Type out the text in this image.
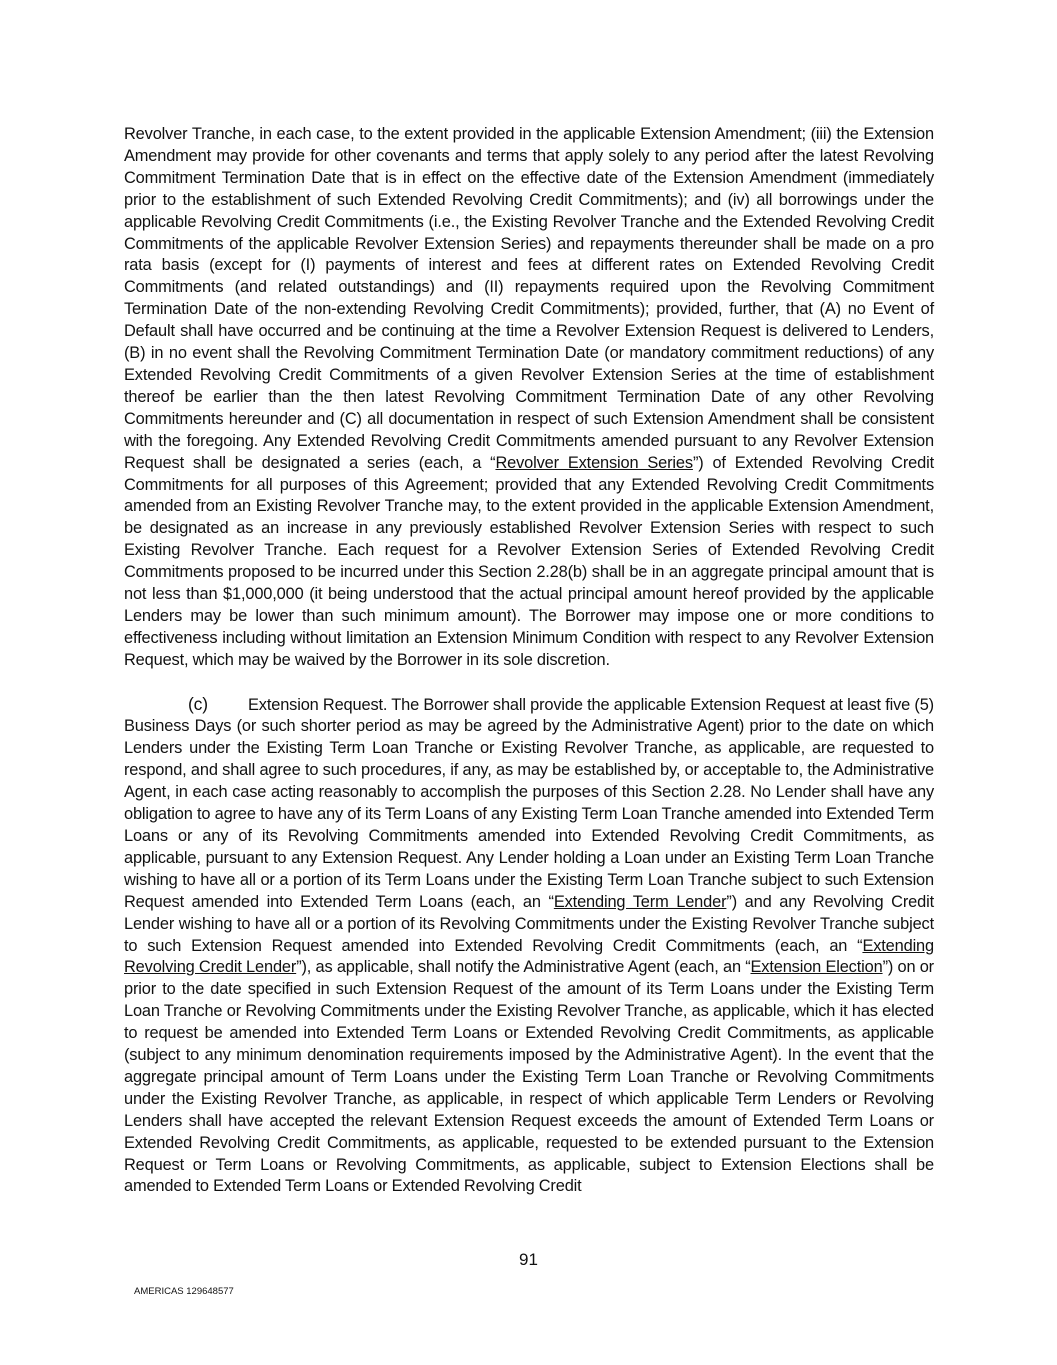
Revolver Tranche, in each case, to the extent provided in the applicable Extension Amendment; (iii) the Extension Amendment may provide for other covenants and terms that apply solely to any period after the latest Revolving Commitment Termination Date that is in effect on the effective date of the Extension Amendment (immediately prior to the establishment of such Extended Revolving Credit Commitments); and (iv) all borrowings under the applicable Revolving Credit Commitments (i.e., the Existing Revolver Tranche and the Extended Revolving Credit Commitments of the applicable Revolver Extension Series) and repayments thereunder shall be made on a pro rata basis (except for (I) payments of interest and fees at different rates on Extended Revolving Credit Commitments (and related outstandings) and (II) repayments required upon the Revolving Commitment Termination Date of the non-extending Revolving Credit Commitments); provided, further, that (A) no Event of Default shall have occurred and be continuing at the time a Revolver Extension Request is delivered to Lenders, (B) in no event shall the Revolving Commitment Termination Date (or mandatory commitment reductions) of any Extended Revolving Credit Commitments of a given Revolver Extension Series at the time of establishment thereof be earlier than the then latest Revolving Commitment Termination Date of any other Revolving Commitments hereunder and (C) all documentation in respect of such Extension Amendment shall be consistent with the foregoing. Any Extended Revolving Credit Commitments amended pursuant to any Revolver Extension Request shall be designated a series (each, a “Revolver Extension Series”) of Extended Revolving Credit Commitments for all purposes of this Agreement; provided that any Extended Revolving Credit Commitments amended from an Existing Revolver Tranche may, to the extent provided in the applicable Extension Amendment, be designated as an increase in any previously established Revolver Extension Series with respect to such Existing Revolver Tranche. Each request for a Revolver Extension Series of Extended Revolving Credit Commitments proposed to be incurred under this Section 2.28(b) shall be in an aggregate principal amount that is not less than $1,000,000 (it being understood that the actual principal amount hereof provided by the applicable Lenders may be lower than such minimum amount). The Borrower may impose one or more conditions to effectiveness including without limitation an Extension Minimum Condition with respect to any Revolver Extension Request, which may be waived by the Borrower in its sole discretion.

(c) Extension Request. The Borrower shall provide the applicable Extension Request at least five (5) Business Days (or such shorter period as may be agreed by the Administrative Agent) prior to the date on which Lenders under the Existing Term Loan Tranche or Existing Revolver Tranche, as applicable, are requested to respond, and shall agree to such procedures, if any, as may be established by, or acceptable to, the Administrative Agent, in each case acting reasonably to accomplish the purposes of this Section 2.28. No Lender shall have any obligation to agree to have any of its Term Loans of any Existing Term Loan Tranche amended into Extended Term Loans or any of its Revolving Commitments amended into Extended Revolving Credit Commitments, as applicable, pursuant to any Extension Request. Any Lender holding a Loan under an Existing Term Loan Tranche wishing to have all or a portion of its Term Loans under the Existing Term Loan Tranche subject to such Extension Request amended into Extended Term Loans (each, an “Extending Term Lender”) and any Revolving Credit Lender wishing to have all or a portion of its Revolving Commitments under the Existing Revolver Tranche subject to such Extension Request amended into Extended Revolving Credit Commitments (each, an “Extending Revolving Credit Lender”), as applicable, shall notify the Administrative Agent (each, an “Extension Election”) on or prior to the date specified in such Extension Request of the amount of its Term Loans under the Existing Term Loan Tranche or Revolving Commitments under the Existing Revolver Tranche, as applicable, which it has elected to request be amended into Extended Term Loans or Extended Revolving Credit Commitments, as applicable (subject to any minimum denomination requirements imposed by the Administrative Agent). In the event that the aggregate principal amount of Term Loans under the Existing Term Loan Tranche or Revolving Commitments under the Existing Revolver Tranche, as applicable, in respect of which applicable Term Lenders or Revolving Lenders shall have accepted the relevant Extension Request exceeds the amount of Extended Term Loans or Extended Revolving Credit Commitments, as applicable, requested to be extended pursuant to the Extension Request or Term Loans or Revolving Commitments, as applicable, subject to Extension Elections shall be amended to Extended Term Loans or Extended Revolving Credit

91
AMERICAS 129648577
